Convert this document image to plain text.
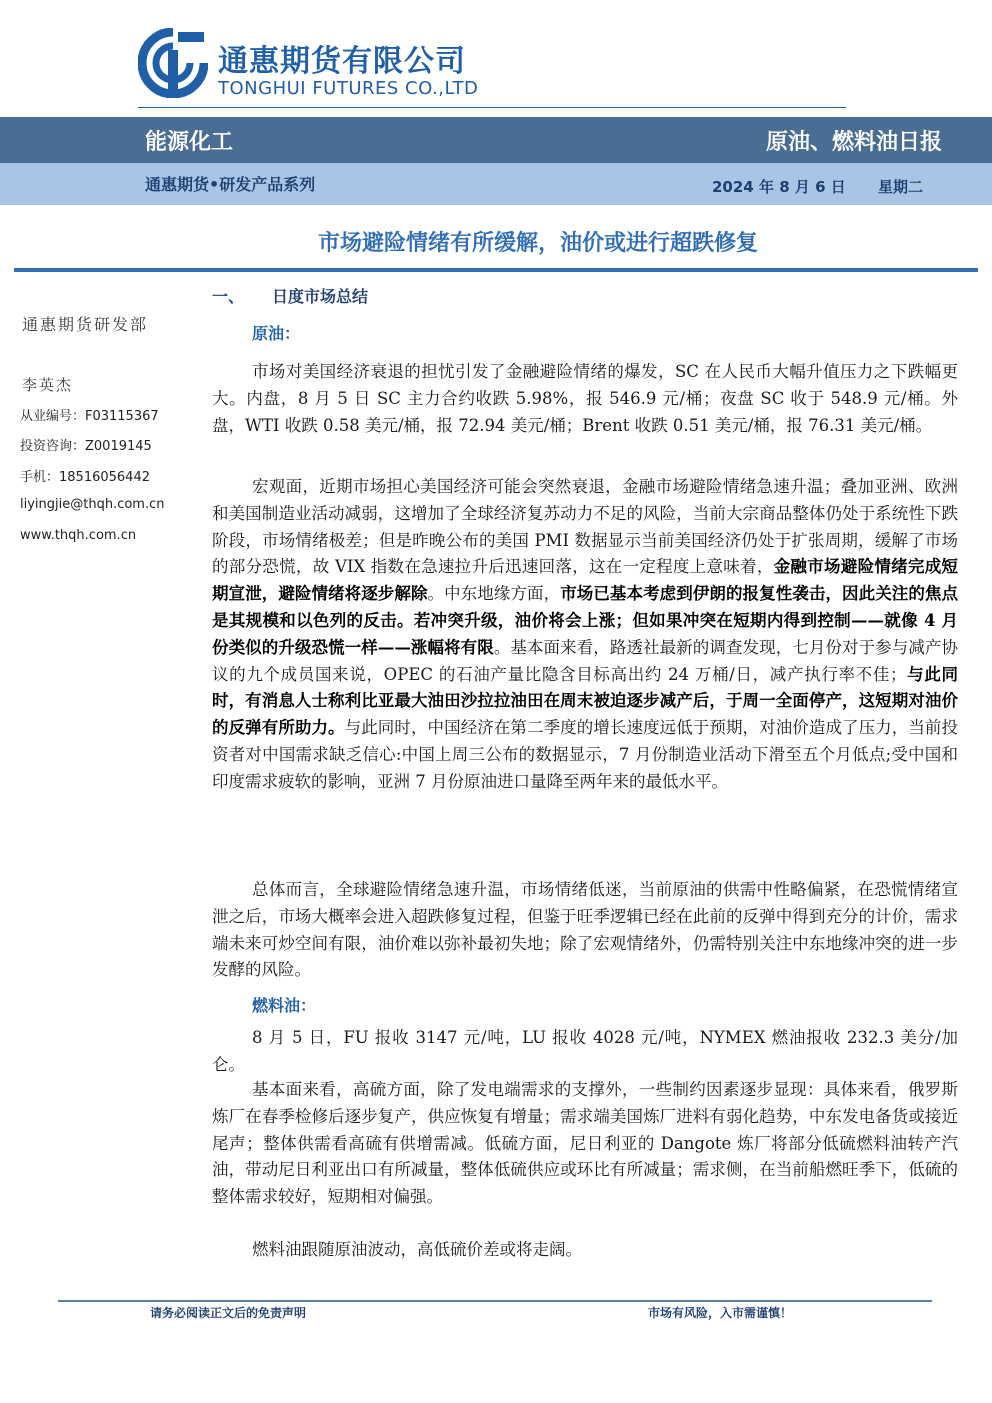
通惠期货有限公司
TONGHUI FUTURES CO.,LTD
能源化工	原油、燃料油日报
通惠期货•研发产品系列	2024 年 8 月 6 日 星期二
市场避险情绪有所缓解，油价或进行超跌修复
通惠期货研发部
李英杰
从业编号：F03115367
投资咨询：Z0019145
手机：18516056442
liyingjie@thqh.com.cn
www.thqh.com.cn
一、 日度市场总结
原油：

市场对美国经济衰退的担忧引发了金融避险情绪的爆发，SC 在人民币大幅升值压力之下跌幅更大。内盘，8 月 5 日 SC 主力合约收跌 5.98%，报 546.9 元/桶；夜盘 SC 收于 548.9 元/桶。外盘，WTI 收跌 0.58 美元/桶，报 72.94 美元/桶；Brent 收跌 0.51 美元/桶，报 76.31 美元/桶。

宏观面，近期市场担心美国经济可能会突然衰退，金融市场避险情绪急速升温；叠加亚洲、欧洲和美国制造业活动减弱，这增加了全球经济复苏动力不足的风险，当前大宗商品整体仍处于系统性下跌阶段，市场情绪极差；但是昨晚公布的美国 PMI 数据显示当前美国经济仍处于扩张周期，缓解了市场的部分恐慌，故 VIX 指数在急速拉升后迅速回落，这在一定程度上意味着，金融市场避险情绪完成短期宣泄，避险情绪将逐步解除。中东地缘方面，市场已基本考虑到伊朗的报复性袭击，因此关注的焦点是其规模和以色列的反击。若冲突升级，油价将会上涨；但如果冲突在短期内得到控制——就像 4 月份类似的升级恐慌一样——涨幅将有限。基本面来看，路透社最新的调查发现，七月份对于参与减产协议的九个成员国来说，OPEC 的石油产量比隐含目标高出约 24 万桶/日，减产执行率不佳；与此同时，有消息人士称利比亚最大油田沙拉拉油田在周末被迫逐步减产后，于周一全面停产，这短期对油价的反弹有所助力。与此同时，中国经济在第二季度的增长速度远低于预期，对油价造成了压力，当前投资者对中国需求缺乏信心:中国上周三公布的数据显示，7 月份制造业活动下滑至五个月低点;受中国和印度需求疲软的影响，亚洲 7 月份原油进口量降至两年来的最低水平。

总体而言，全球避险情绪急速升温，市场情绪低迷，当前原油的供需中性略偏紧，在恐慌情绪宣泄之后，市场大概率会进入超跌修复过程，但鉴于旺季逻辑已经在此前的反弹中得到充分的计价，需求端未来可炒空间有限，油价难以弥补最初失地；除了宏观情绪外，仍需特别关注中东地缘冲突的进一步发酵的风险。

燃料油：

8 月 5 日，FU 报收 3147 元/吨，LU 报收 4028 元/吨，NYMEX 燃油报收 232.3 美分/加仑。

基本面来看，高硫方面，除了发电端需求的支撑外，一些制约因素逐步显现：具体来看，俄罗斯炼厂在春季检修后逐步复产，供应恢复有增量；需求端美国炼厂进料有弱化趋势，中东发电备货或接近尾声；整体供需看高硫有供增需减。低硫方面，尼日利亚的 Dangote 炼厂将部分低硫燃料油转产汽油，带动尼日利亚出口有所减量，整体低硫供应或环比有所减量；需求侧，在当前船燃旺季下，低硫的整体需求较好，短期相对偏强。

燃料油跟随原油波动，高低硫价差或将走阔。

请务必阅读正文后的免责声明	市场有风险，入市需谨慎！
